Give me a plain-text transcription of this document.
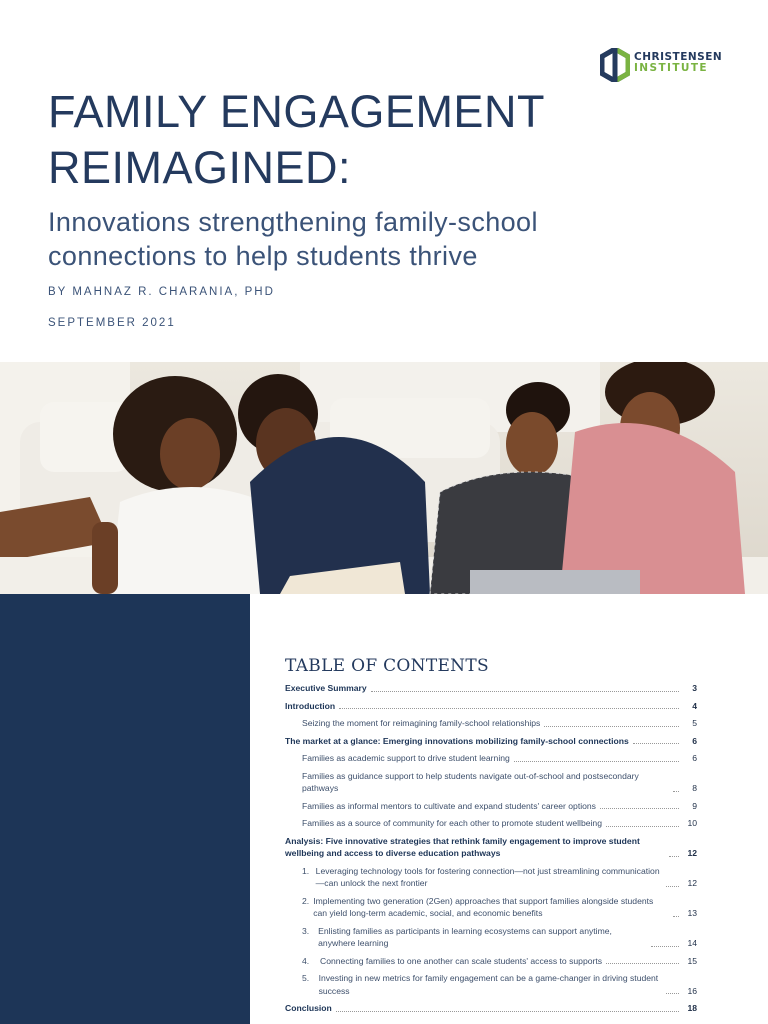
CHRISTENSEN
INSTITUTE
FAMILY ENGAGEMENT
REIMAGINED:
Innovations strengthening family-school
connections to help students thrive
BY MAHNAZ R. CHARANIA, PHD
SEPTEMBER 2021
TABLE OF CONTENTS
Executive Summary	3
Introduction	4
Seizing the moment for reimagining family-school relationships	5
The market at a glance: Emerging innovations mobilizing family-school connections	6
Families as academic support to drive student learning	6
Families as guidance support to help students navigate out-of-school and postsecondary pathways	8
Families as informal mentors to cultivate and expand students' career options	9
Families as a source of community for each other to promote student wellbeing	10
Analysis: Five innovative strategies that rethink family engagement to improve student wellbeing and access to diverse education pathways	12
1. Leveraging technology tools for fostering connection—not just streamlining communication—can unlock the next frontier	12
2. Implementing two generation (2Gen) approaches that support families alongside students can yield long-term academic, social, and economic benefits	13
3.	Enlisting families as participants in learning ecosystems can support anytime, anywhere learning	14
4.	Connecting families to one another can scale students' access to supports	15
5.	Investing in new metrics for family engagement can be a game-changer in driving student success	16
Conclusion	18
